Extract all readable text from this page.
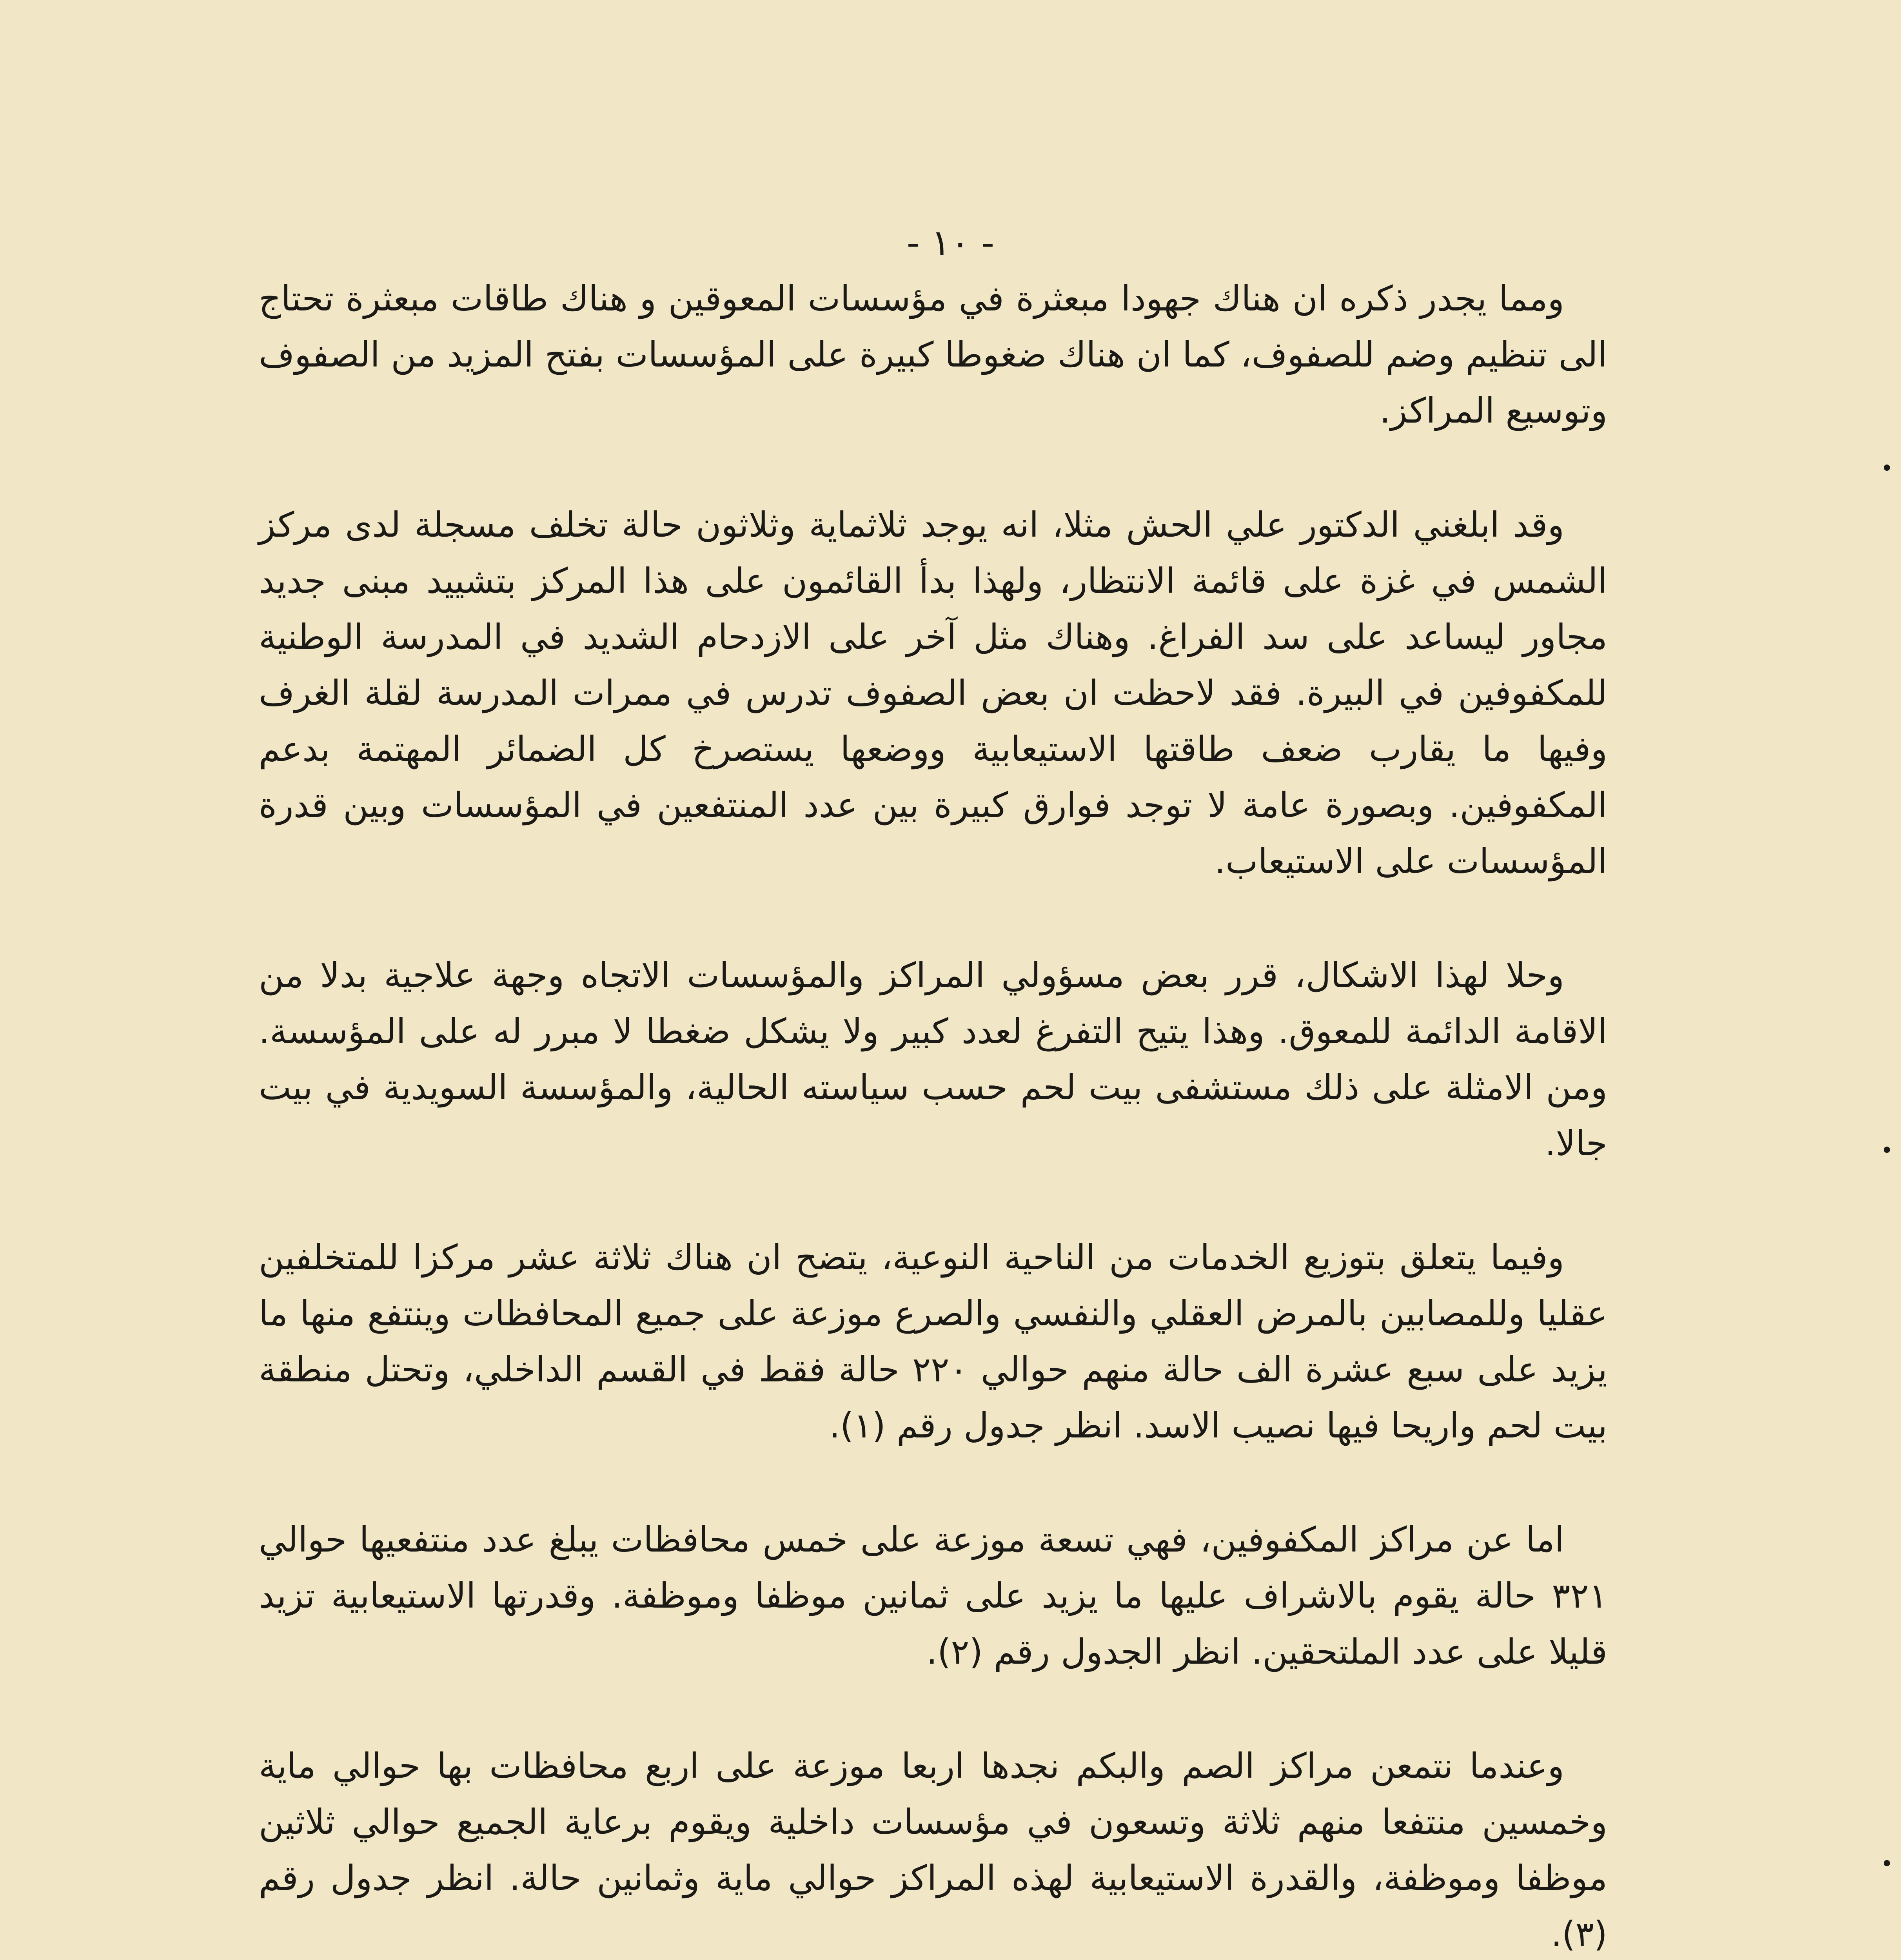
- ١٠ -

ومما يجدر ذكره ان هناك جهودا مبعثرة في مؤسسات المعوقين و هناك طاقات مبعثرة تحتاج الى تنظيم وضم للصفوف، كما ان هناك ضغوطا كبيرة على المؤسسات بفتح المزيد من الصفوف وتوسيع المراكز.

وقد ابلغني الدكتور علي الحش مثلا، انه يوجد ثلاثماية وثلاثون حالة تخلف مسجلة لدى مركز الشمس في غزة على قائمة الانتظار، ولهذا بدأ القائمون على هذا المركز بتشييد مبنى جديد مجاور ليساعد على سد الفراغ. وهناك مثل آخر على الازدحام الشديد في المدرسة الوطنية للمكفوفين في البيرة. فقد لاحظت ان بعض الصفوف تدرس في ممرات المدرسة لقلة الغرف وفيها ما يقارب ضعف طاقتها الاستيعابية ووضعها يستصرخ كل الضمائر المهتمة بدعم المكفوفين. وبصورة عامة لا توجد فوارق كبيرة بين عدد المنتفعين في المؤسسات وبين قدرة المؤسسات على الاستيعاب.

وحلا لهذا الاشكال، قرر بعض مسؤولي المراكز والمؤسسات الاتجاه وجهة علاجية بدلا من الاقامة الدائمة للمعوق. وهذا يتيح التفرغ لعدد كبير ولا يشكل ضغطا لا مبرر له على المؤسسة. ومن الامثلة على ذلك مستشفى بيت لحم حسب سياسته الحالية، والمؤسسة السويدية في بيت جالا.

وفيما يتعلق بتوزيع الخدمات من الناحية النوعية، يتضح ان هناك ثلاثة عشر مركزا للمتخلفين عقليا وللمصابين بالمرض العقلي والنفسي والصرع موزعة على جميع المحافظات وينتفع منها ما يزيد على سبع عشرة الف حالة منهم حوالي ٢٢٠ حالة فقط في القسم الداخلي، وتحتل منطقة بيت لحم واريحا فيها نصيب الاسد. انظر جدول رقم (١).

اما عن مراكز المكفوفين، فهي تسعة موزعة على خمس محافظات يبلغ عدد منتفعيها حوالي ٣٢١ حالة يقوم بالاشراف عليها ما يزيد على ثمانين موظفا وموظفة. وقدرتها الاستيعابية تزيد قليلا على عدد الملتحقين. انظر الجدول رقم (٢).

وعندما نتمعن مراكز الصم والبكم نجدها اربعا موزعة على اربع محافظات بها حوالي ماية وخمسين منتفعا منهم ثلاثة وتسعون في مؤسسات داخلية ويقوم برعاية الجميع حوالي ثلاثين موظفا وموظفة، والقدرة الاستيعابية لهذه المراكز حوالي ماية وثمانين حالة. انظر جدول رقم (٣).
